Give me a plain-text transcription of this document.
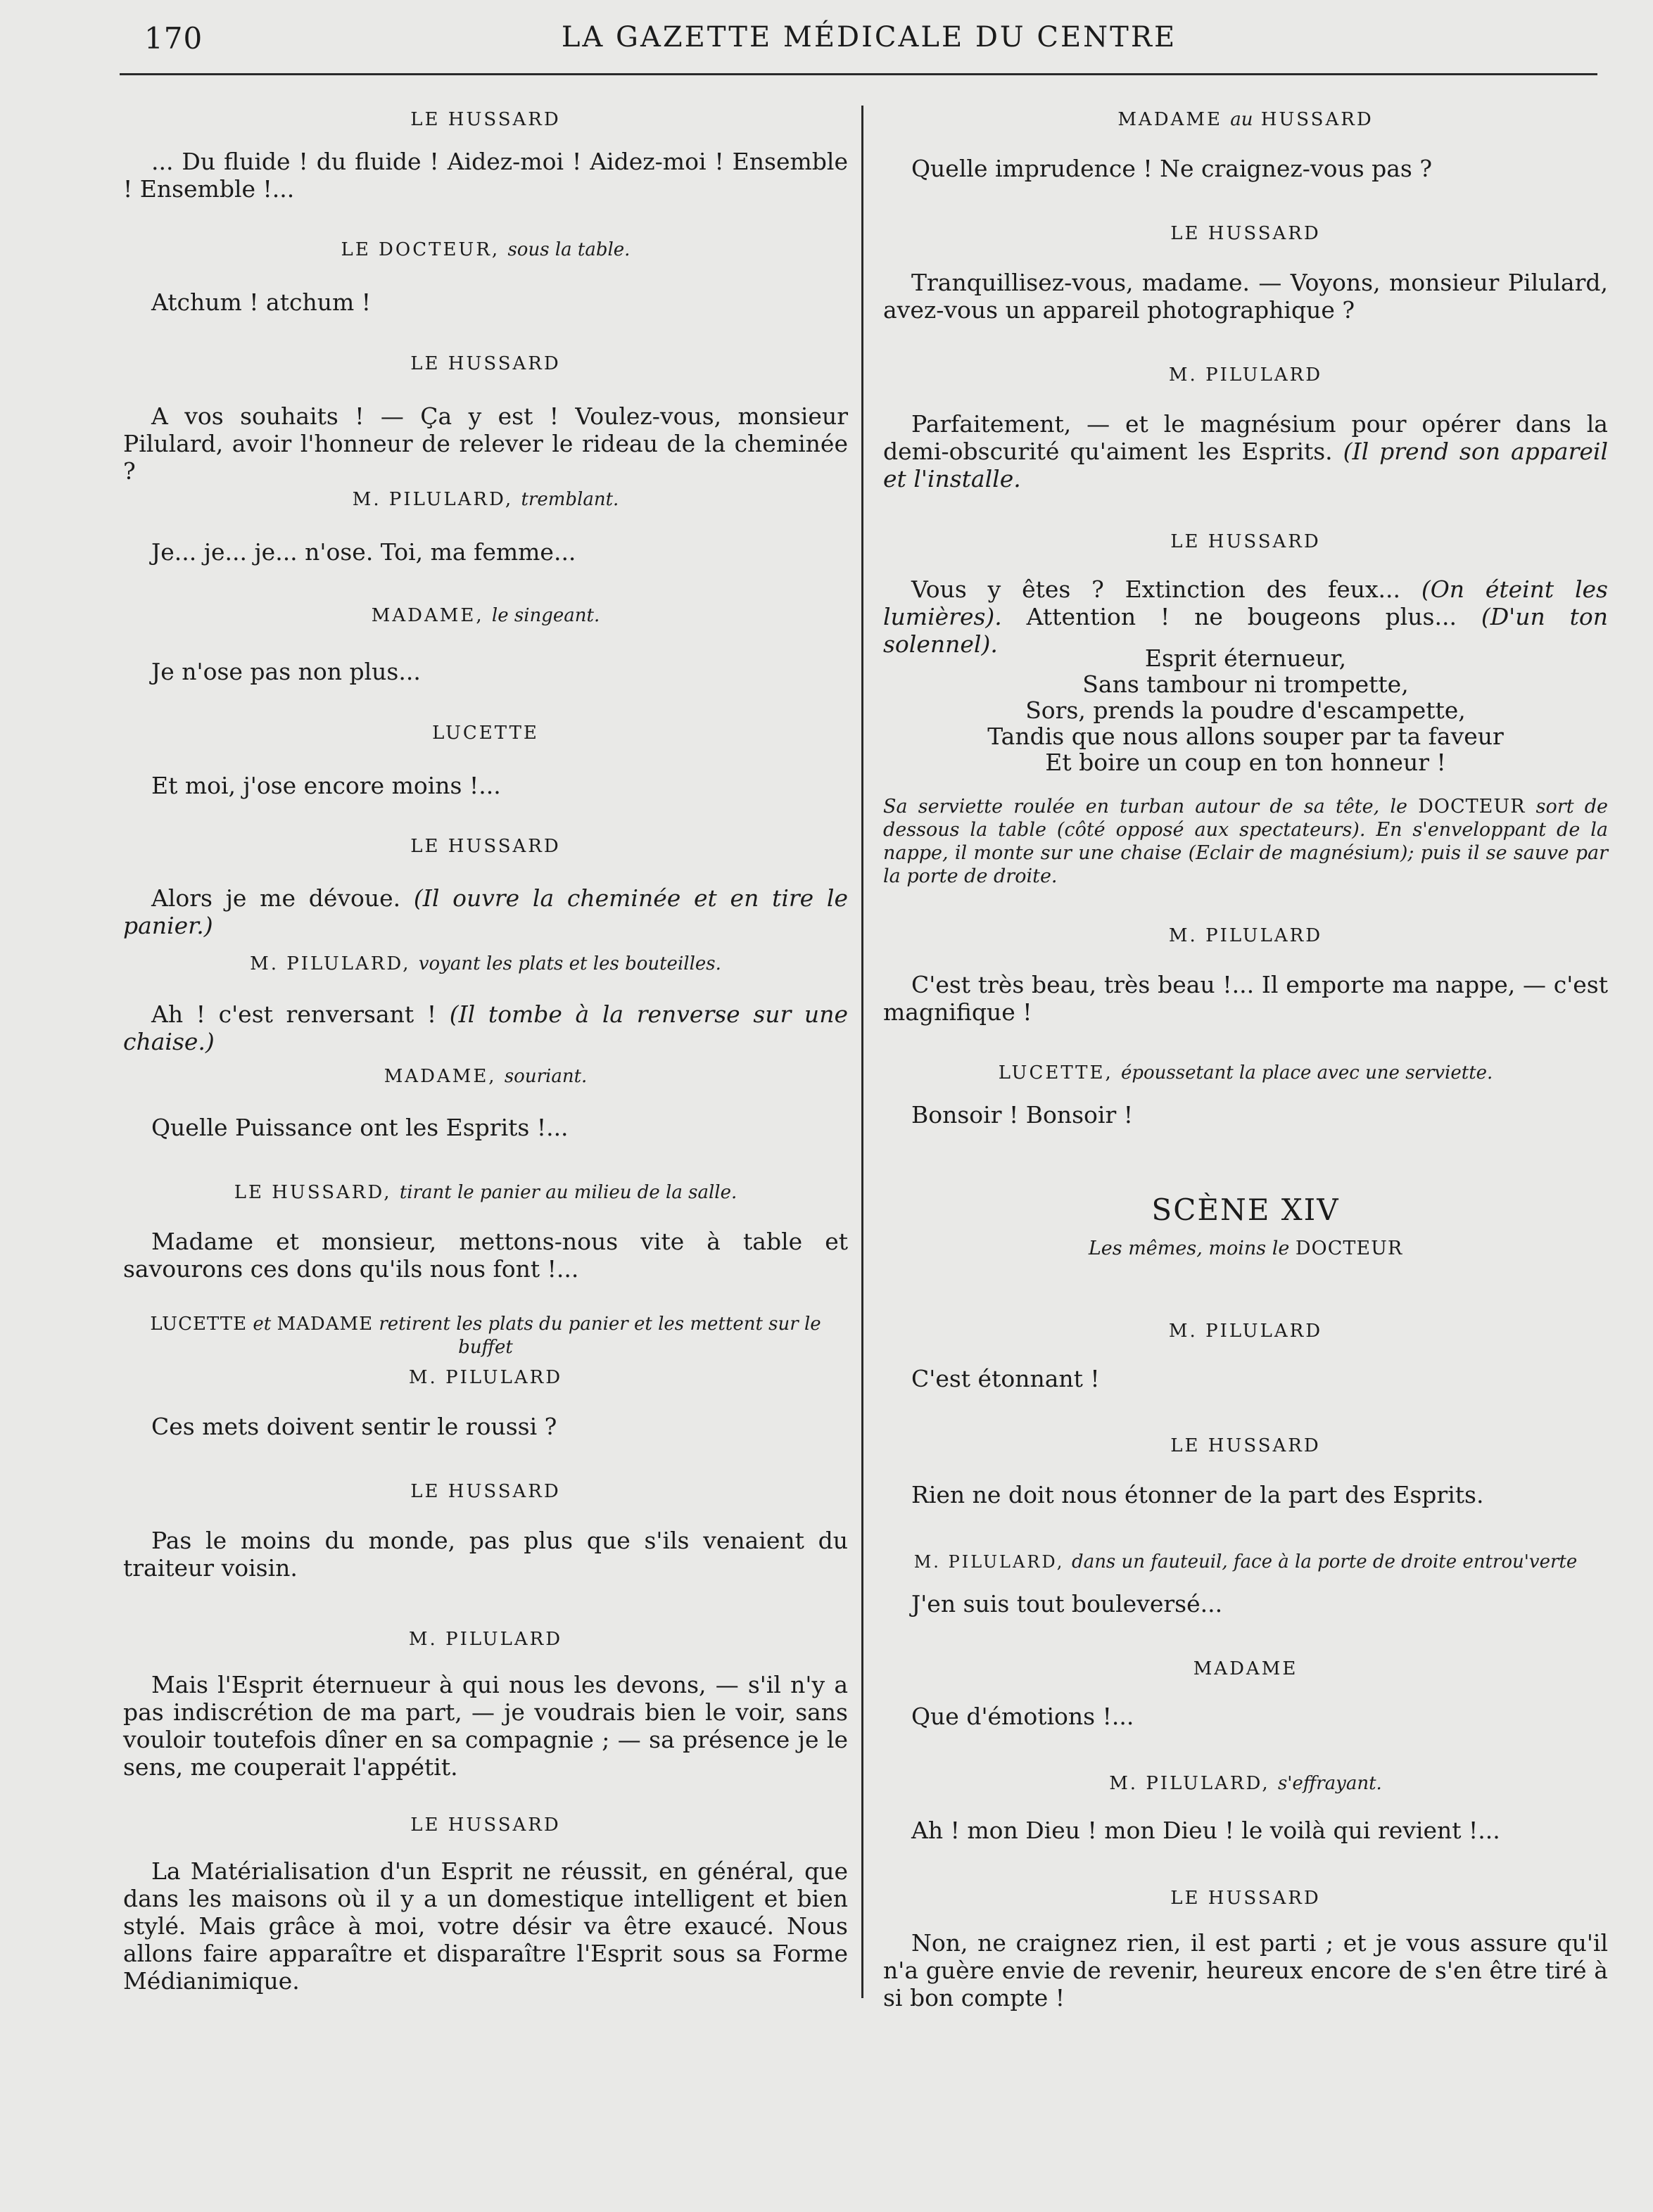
170	LA GAZETTE MÉDICALE DU CENTRE

LE HUSSARD

... Du fluide ! du fluide ! Aidez-moi ! Aidez-moi ! Ensemble ! Ensemble !...

LE DOCTEUR, sous la table.

Atchum ! atchum !

LE HUSSARD

A vos souhaits ! — Ça y est ! Voulez-vous, monsieur Pilulard, avoir l'honneur de relever le rideau de la cheminée ?

M. PILULARD, tremblant.

Je... je... je... n'ose. Toi, ma femme...

MADAME, le singeant.

Je n'ose pas non plus...

LUCETTE

Et moi, j'ose encore moins !...

LE HUSSARD

Alors je me dévoue. (Il ouvre la cheminée et en tire le panier.)

M. PILULARD, voyant les plats et les bouteilles.

Ah ! c'est renversant ! (Il tombe à la renverse sur une chaise.)

MADAME, souriant.

Quelle Puissance ont les Esprits !...

LE HUSSARD, tirant le panier au milieu de la salle.

Madame et monsieur, mettons-nous vite à table et savourons ces dons qu'ils nous font !...

LUCETTE et MADAME retirent les plats du panier et les mettent sur le buffet

M. PILULARD

Ces mets doivent sentir le roussi ?

LE HUSSARD

Pas le moins du monde, pas plus que s'ils venaient du traiteur voisin.

M. PILULARD

Mais l'Esprit éternueur à qui nous les devons, — s'il n'y a pas indiscrétion de ma part, — je voudrais bien le voir, sans vouloir toutefois dîner en sa compagnie ; — sa présence je le sens, me couperait l'appétit.

LE HUSSARD

La Matérialisation d'un Esprit ne réussit, en général, que dans les maisons où il y a un domestique intelligent et bien stylé. Mais grâce à moi, votre désir va être exaucé. Nous allons faire apparaître et disparaître l'Esprit sous sa Forme Médianimique.

MADAME au HUSSARD

Quelle imprudence ! Ne craignez-vous pas ?

LE HUSSARD

Tranquillisez-vous, madame. — Voyons, monsieur Pilulard, avez-vous un appareil photographique ?

M. PILULARD

Parfaitement, — et le magnésium pour opérer dans la demi-obscurité qu'aiment les Esprits. (Il prend son appareil et l'installe.

LE HUSSARD

Vous y êtes ? Extinction des feux... (On éteint les lumières). Attention ! ne bougeons plus... (D'un ton solennel).

Esprit éternueur,

Sans tambour ni trompette,

Sors, prends la poudre d'escampette,

Tandis que nous allons souper par ta faveur

Et boire un coup en ton honneur !

Sa serviette roulée en turban autour de sa tête, le DOCTEUR sort de dessous la table (côté opposé aux spectateurs). En s'enveloppant de la nappe, il monte sur une chaise (Eclair de magnésium); puis il se sauve par la porte de droite.

M. PILULARD

C'est très beau, très beau !... Il emporte ma nappe, — c'est magnifique !

LUCETTE, époussetant la place avec une serviette.

Bonsoir ! Bonsoir !

SCÈNE XIV

Les mêmes, moins le DOCTEUR

M. PILULARD

C'est étonnant !

LE HUSSARD

Rien ne doit nous étonner de la part des Esprits.

M. PILULARD, dans un fauteuil, face à la porte de droite entrou'verte

J'en suis tout bouleversé...

MADAME

Que d'émotions !...

M. PILULARD, s'effrayant.

Ah ! mon Dieu ! mon Dieu ! le voilà qui revient !...

LE HUSSARD

Non, ne craignez rien, il est parti ; et je vous assure qu'il n'a guère envie de revenir, heureux encore de s'en être tiré à si bon compte !
